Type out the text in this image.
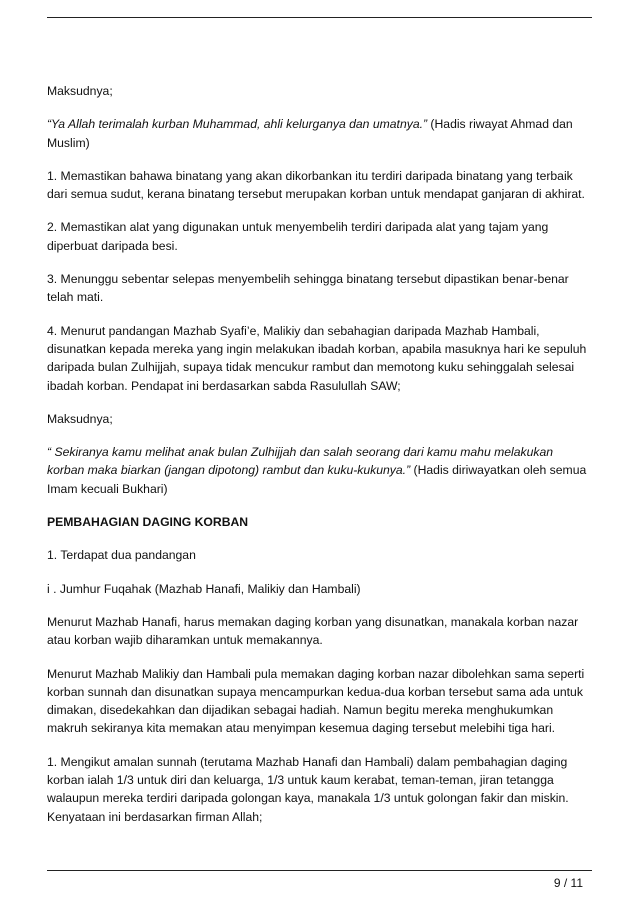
Maksudnya;

“Ya Allah terimalah kurban Muhammad, ahli kelurganya dan umatnya.” (Hadis riwayat Ahmad dan Muslim)

1. Memastikan bahawa binatang yang akan dikorbankan itu terdiri daripada binatang yang terbaik dari semua sudut, kerana binatang tersebut merupakan korban untuk mendapat ganjaran di akhirat.

2. Memastikan alat yang digunakan untuk menyembelih terdiri daripada alat yang tajam yang diperbuat daripada besi.

3. Menunggu sebentar selepas menyembelih sehingga binatang tersebut dipastikan benar-benar telah mati.

4. Menurut pandangan Mazhab Syafi’e, Malikiy dan sebahagian daripada Mazhab Hambali, disunatkan kepada mereka yang ingin melakukan ibadah korban, apabila masuknya hari ke sepuluh daripada bulan Zulhijjah, supaya tidak mencukur rambut dan memotong kuku sehinggalah selesai ibadah korban. Pendapat ini berdasarkan sabda Rasulullah SAW;

Maksudnya;

“ Sekiranya kamu melihat anak bulan Zulhijjah dan salah seorang dari kamu mahu melakukan korban maka biarkan (jangan dipotong) rambut dan kuku-kukunya.” (Hadis diriwayatkan oleh semua Imam kecuali Bukhari)

PEMBAHAGIAN DAGING KORBAN

1. Terdapat dua pandangan

i . Jumhur Fuqahak (Mazhab Hanafi, Malikiy dan Hambali)

Menurut Mazhab Hanafi, harus memakan daging korban yang disunatkan, manakala korban nazar atau korban wajib diharamkan untuk memakannya.

Menurut Mazhab Malikiy dan Hambali pula memakan daging korban nazar dibolehkan sama seperti korban sunnah dan disunatkan supaya mencampurkan kedua-dua korban tersebut sama ada untuk dimakan, disedekahkan dan dijadikan sebagai hadiah. Namun begitu mereka menghukumkan makruh sekiranya kita memakan atau menyimpan kesemua daging tersebut melebihi tiga hari.

1. Mengikut amalan sunnah (terutama Mazhab Hanafi dan Hambali) dalam pembahagian daging korban ialah 1/3 untuk diri dan keluarga, 1/3 untuk kaum kerabat, teman-teman, jiran tetangga walaupun mereka terdiri daripada golongan kaya, manakala 1/3 untuk golongan fakir dan miskin. Kenyataan ini berdasarkan firman Allah;

9 / 11
